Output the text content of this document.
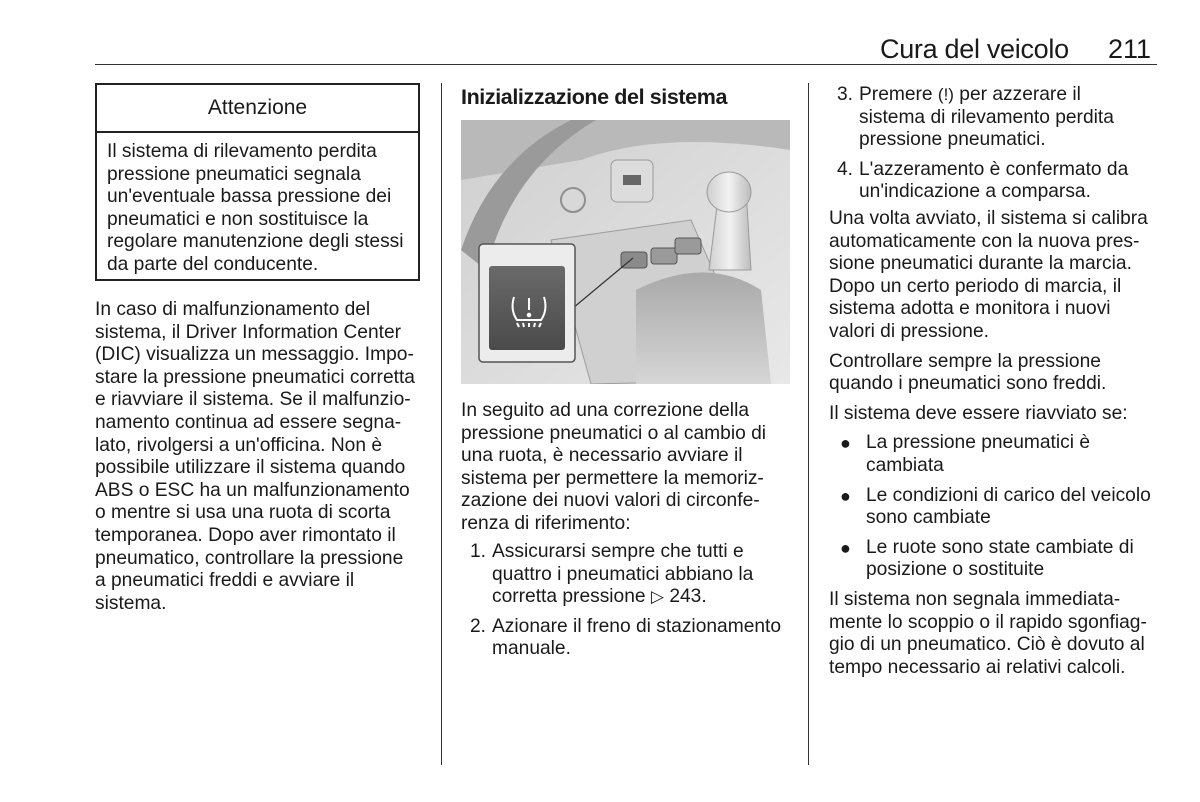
Cura del veicolo 211
Attenzione
Il sistema di rilevamento perdita pressione pneumatici segnala un'eventuale bassa pressione dei pneumatici e non sostituisce la regolare manutenzione degli stessi da parte del conducente.
In caso di malfunzionamento del
sistema, il Driver Information Center
(DIC) visualizza un messaggio. Impo-
stare la pressione pneumatici corretta
e riavviare il sistema. Se il malfunzio-
namento continua ad essere segna-
lato, rivolgersi a un'officina. Non è
possibile utilizzare il sistema quando
ABS o ESC ha un malfunzionamento
o mentre si usa una ruota di scorta
temporanea. Dopo aver rimontato il
pneumatico, controllare la pressione
a pneumatici freddi e avviare il
sistema.
Inizializzazione del sistema
In seguito ad una correzione della
pressione pneumatici o al cambio di
una ruota, è necessario avviare il
sistema per permettere la memoriz-
zazione dei nuovi valori di circonfe-
renza di riferimento:
1. Assicurarsi sempre che tutti e
quattro i pneumatici abbiano la
corretta pressione ▷ 243.
2. Azionare il freno di stazionamento
manuale.
3. Premere (!) per azzerare il
sistema di rilevamento perdita
pressione pneumatici.
4. L'azzeramento è confermato da
un'indicazione a comparsa.

Una volta avviato, il sistema si calibra
automaticamente con la nuova pres-
sione pneumatici durante la marcia.
Dopo un certo periodo di marcia, il
sistema adotta e monitora i nuovi
valori di pressione.

Controllare sempre la pressione
quando i pneumatici sono freddi.

Il sistema deve essere riavviato se:

● La pressione pneumatici è
cambiata
● Le condizioni di carico del veicolo
sono cambiate
● Le ruote sono state cambiate di
posizione o sostituite

Il sistema non segnala immediata-
mente lo scoppio o il rapido sgonfiag-
gio di un pneumatico. Ciò è dovuto al
tempo necessario ai relativi calcoli.
